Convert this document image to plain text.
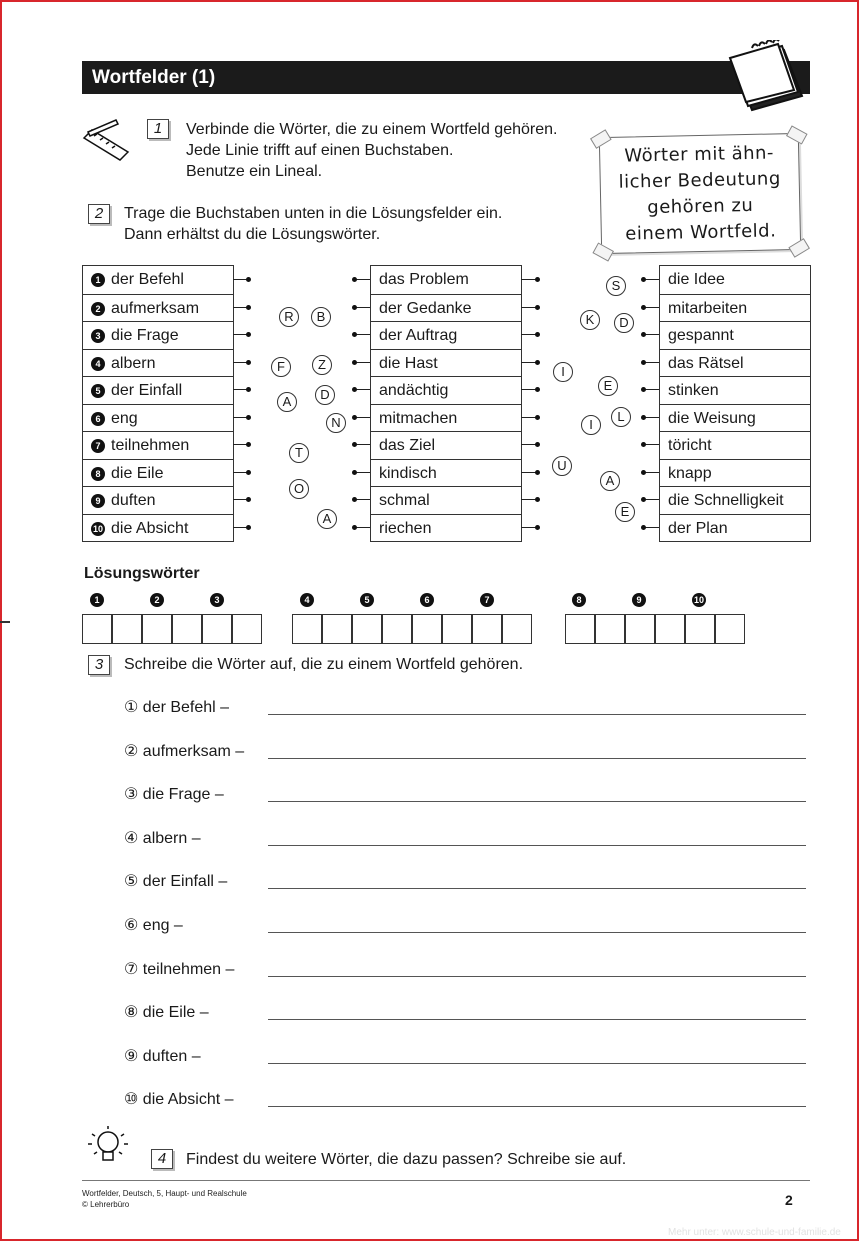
Wortfelder (1)
1	Verbinde die Wörter, die zu einem Wortfeld gehören.
Jede Linie trifft auf einen Buchstaben.
Benutze ein Lineal.
2	Trage die Buchstaben unten in die Lösungsfelder ein.
Dann erhältst du die Lösungswörter.
Wörter mit ähn-
licher Bedeutung
gehören zu
einem Wortfeld.
1 der Befehl
2 aufmerksam
3 die Frage
4 albern
5 der Einfall
6 eng
7 teilnehmen
8 die Eile
9 duften
10 die Absicht
das Problem
der Gedanke
der Auftrag
die Hast
andächtig
mitmachen
das Ziel
kindisch
schmal
riechen
die Idee
mitarbeiten
gespannt
das Rätsel
stinken
die Weisung
töricht
knapp
die Schnelligkeit
der Plan
R	B
F	Z
A	D
N
T
O
A
S
K	D
I
E
I
L
U
A
E
Lösungswörter
1	2	3	4	5	6	7	8	9	10
3	Schreibe die Wörter auf, die zu einem Wortfeld gehören.
① der Befehl –
② aufmerksam –
③ die Frage –
④ albern –
⑤ der Einfall –
⑥ eng –
⑦ teilnehmen –
⑧ die Eile –
⑨ duften –
⑩ die Absicht –
4	Findest du weitere Wörter, die dazu passen? Schreibe sie auf.
Wortfelder, Deutsch, 5, Haupt- und Realschule
© Lehrerbüro	2
Mehr unter: www.schule-und-familie.de
